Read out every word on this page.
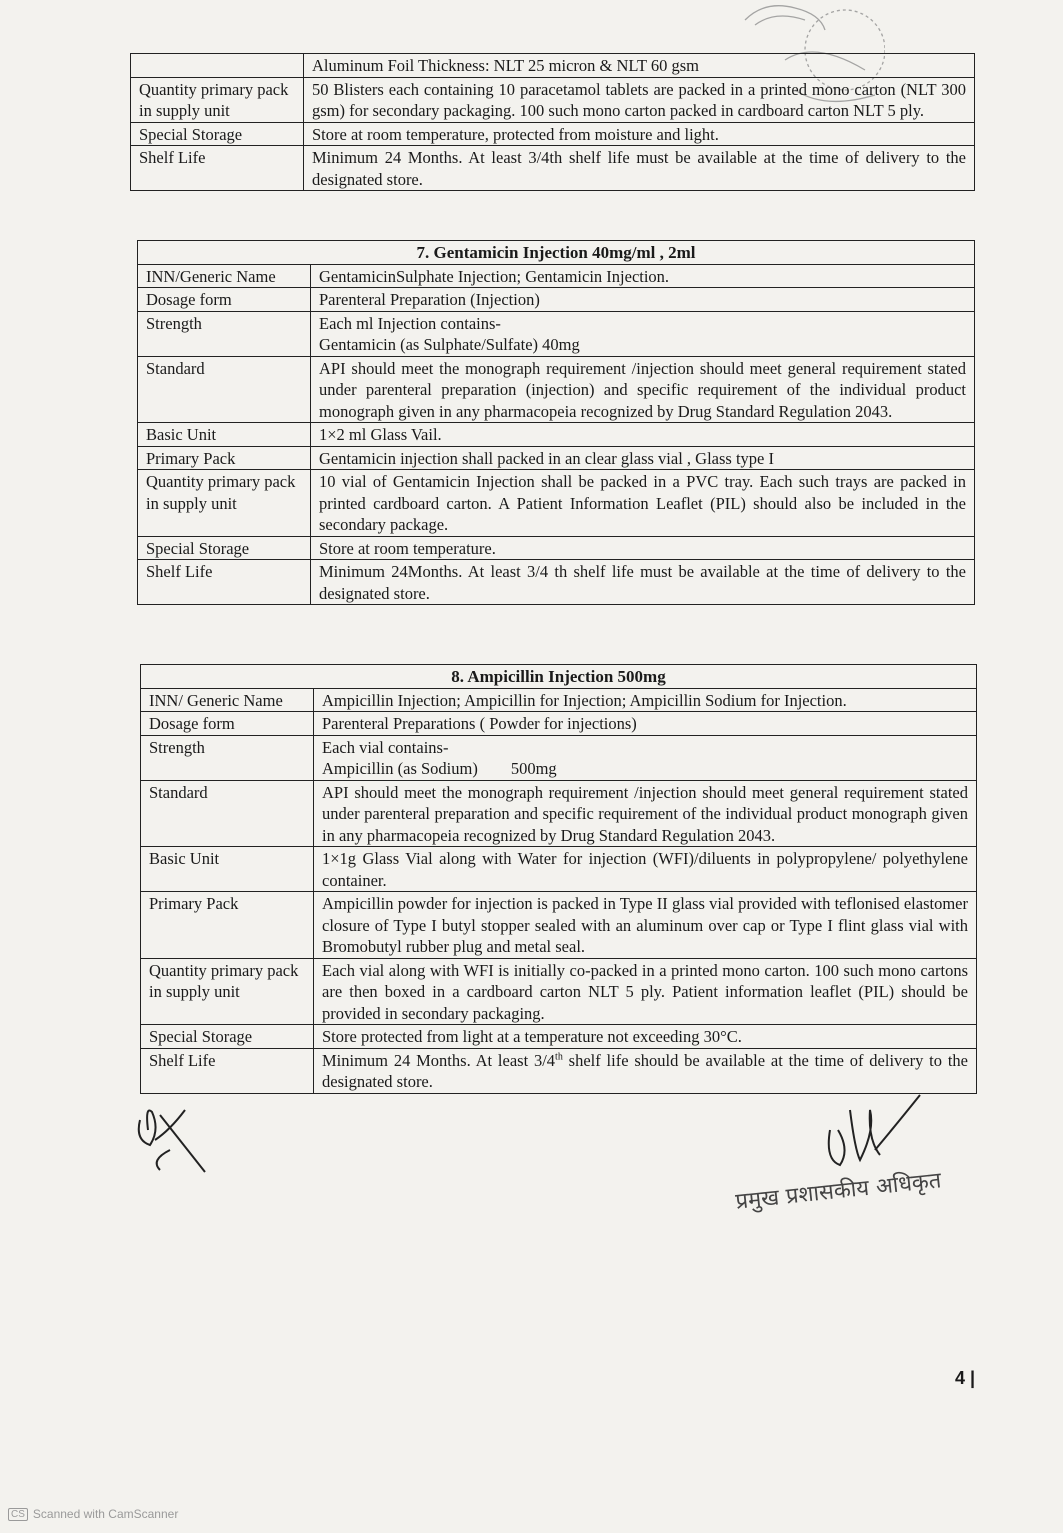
	Aluminum Foil Thickness: NLT 25 micron & NLT 60 gsm
Quantity primary pack in supply unit	50 Blisters each containing 10 paracetamol tablets are packed in a printed mono carton (NLT 300 gsm) for secondary packaging. 100 such mono carton packed in cardboard carton NLT 5 ply.
Special Storage	Store at room temperature, protected from moisture and light.
Shelf Life	Minimum 24 Months. At least 3/4th shelf life must be available at the time of delivery to the designated store.
7. Gentamicin Injection 40mg/ml , 2ml	
INN/Generic Name	GentamicinSulphate Injection; Gentamicin Injection.
Dosage form	Parenteral Preparation (Injection)
Strength	Each ml Injection contains-
Gentamicin (as Sulphate/Sulfate) 40mg

Standard	API should meet the monograph requirement /injection should meet general requirement stated under parenteral preparation (injection) and specific requirement of the individual product monograph given in any pharmacopeia recognized by Drug Standard Regulation 2043.
Basic Unit	1×2 ml Glass Vail.
Primary Pack	Gentamicin injection shall packed in an clear glass vial , Glass type I
Quantity primary pack in supply unit	10 vial of Gentamicin Injection shall be packed in a PVC tray. Each such trays are packed in printed cardboard carton. A Patient Information Leaflet (PIL) should also be included in the secondary package.
Special Storage	Store at room temperature.
Shelf Life	Minimum 24Months. At least 3/4 th shelf life must be available at the time of delivery to the designated store.
8. Ampicillin Injection 500mg	
INN/ Generic Name	Ampicillin Injection; Ampicillin for Injection; Ampicillin Sodium for Injection.
Dosage form	Parenteral Preparations ( Powder for injections)
Strength	Each vial contains-
Ampicillin (as Sodium)        500mg

Standard	API should meet the monograph requirement /injection should meet general requirement stated under parenteral preparation and specific requirement of the individual product monograph given in any pharmacopeia recognized by Drug Standard Regulation 2043.
Basic Unit	1×1g Glass Vial along with Water for injection (WFI)/diluents in polypropylene/ polyethylene container.
Primary Pack	Ampicillin powder for injection is packed in Type II glass vial provided with teflonised elastomer closure of Type I butyl stopper sealed with an aluminum over cap or Type I flint glass vial with Bromobutyl rubber plug and metal seal.
Quantity primary pack in supply unit	Each vial along with WFI is initially co-packed in a printed mono carton. 100 such mono cartons are then boxed in a cardboard carton NLT 5 ply. Patient information leaflet (PIL) should be provided in secondary packaging.
Special Storage	Store protected from light at a temperature not exceeding 30°C.
Shelf Life	Minimum 24 Months. At least 3/4th shelf life should be available at the time of delivery to the designated store.
प्रमुख प्रशासकीय अधिकृत
4 |
CS Scanned with CamScanner
